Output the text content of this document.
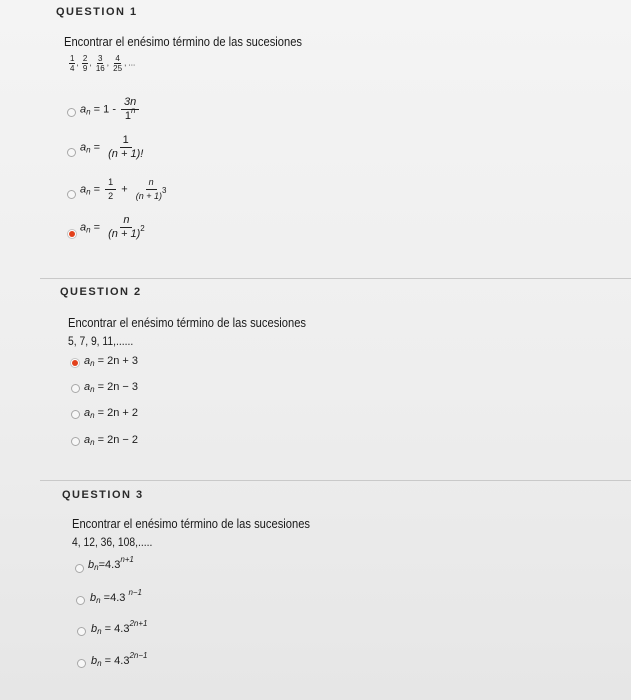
QUESTION 1
Encontrar el enésimo término de las sucesiones
$\frac{1}{4}$ , $\frac{2}{9}$ , $\frac{3}{16}$ , $\frac{4}{25}$ , ...
$a_n = 1 - \frac{3n}{1^n}$
$a_n = \frac{1}{(n + 1)!}$
$a_n = \frac{1}{2} + \frac{n}{(n + 1)^3}$
$a_n = \frac{n}{(n + 1)^2}$
QUESTION 2
Encontrar el enésimo término de las sucesiones
5, 7, 9, 11,......
$a_n = 2n + 3$
$a_n = 2n - 3$
$a_n = 2n + 2$
$a_n = 2n - 2$
QUESTION 3
Encontrar el enésimo término de las sucesiones
4, 12, 36, 108,.....
$b_n=4.3^{n+1}$
$b_n =4.3$ $^{n-1}$
$b_n = 4.3^{2n+1}$
$b_n = 4.3^{2n-1}$
